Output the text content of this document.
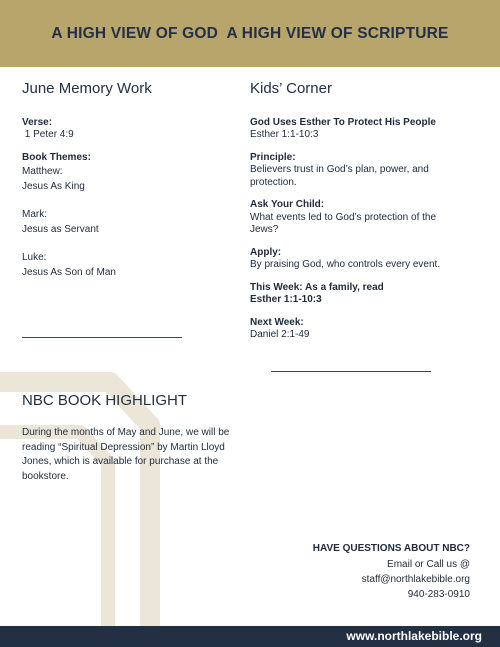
A HIGH VIEW OF GOD  A HIGH VIEW OF SCRIPTURE
June Memory Work
Verse:
1 Peter 4:9
Book Themes:
Matthew:
Jesus As King
Mark:
Jesus as Servant
Luke:
Jesus As Son of Man
Kids’ Corner
God Uses Esther To Protect His People
Esther 1:1-10:3
Principle:
Believers trust in God’s plan, power, and protection.
Ask Your Child:
What events led to God’s protection of the Jews?
Apply:
By praising God, who controls every event.
This Week: As a family, read
Esther 1:1-10:3
Next Week:
Daniel 2:1-49
NBC BOOK HIGHLIGHT
During the months of May and June, we will be reading “Spiritual Depression” by Martin Lloyd Jones, which is available for purchase at the bookstore.
HAVE QUESTIONS ABOUT NBC?
Email or Call us @
staff@northlakebible.org
940-283-0910
www.northlakebible.org
